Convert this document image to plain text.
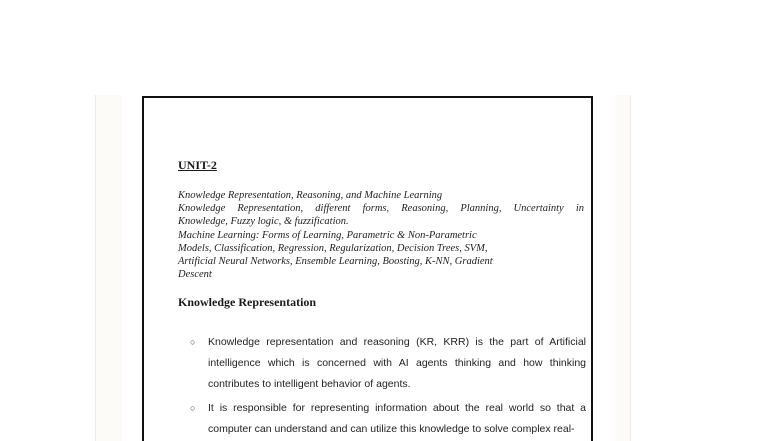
UNIT-2
Knowledge Representation, Reasoning, and Machine Learning
Knowledge Representation, different forms, Reasoning, Planning, Uncertainty in
Knowledge, Fuzzy logic, & fuzzification.
Machine Learning: Forms of Learning, Parametric & Non-Parametric
Models, Classification, Regression, Regularization, Decision Trees, SVM,
Artificial Neural Networks, Ensemble Learning, Boosting, K-NN, Gradient
Descent
Knowledge Representation
○ Knowledge representation and reasoning (KR, KRR) is the part of Artificial intelligence which is concerned with AI agents thinking and how thinking contributes to intelligent behavior of agents.
○ It is responsible for representing information about the real world so that a computer can understand and can utilize this knowledge to solve complex real-
